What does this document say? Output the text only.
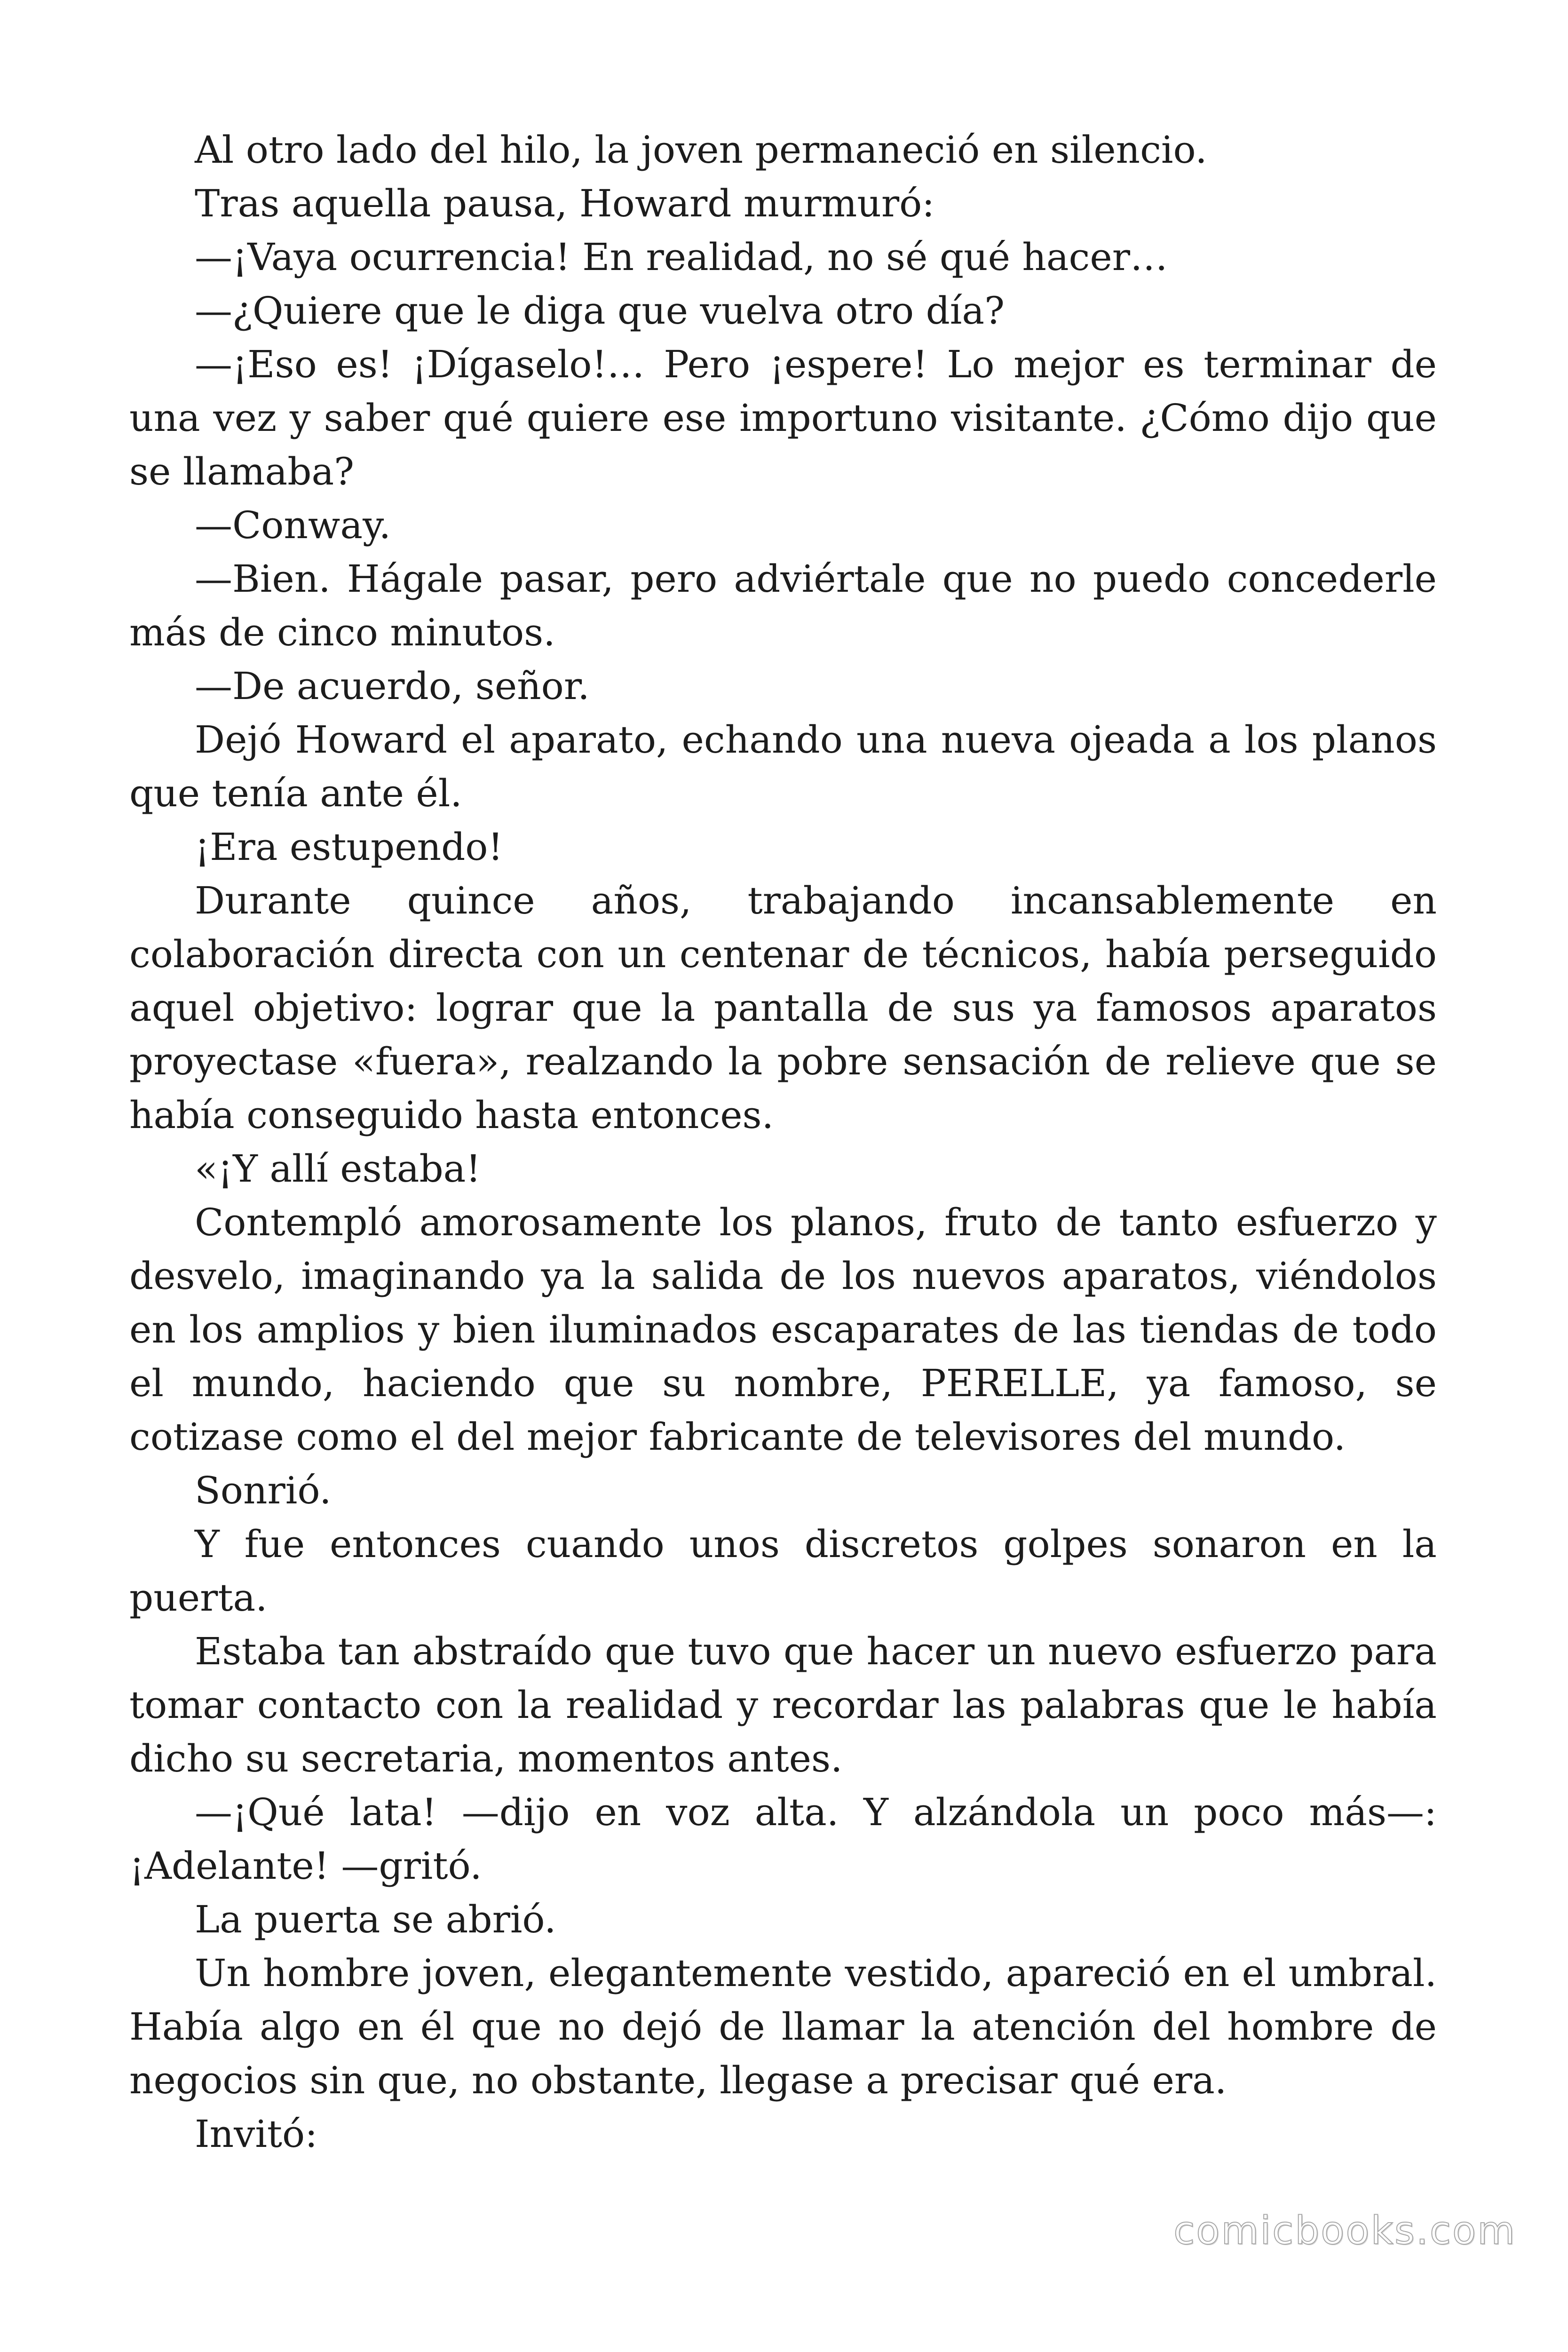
Al otro lado del hilo, la joven permaneció en silencio.

Tras aquella pausa, Howard murmuró:

—¡Vaya ocurrencia! En realidad, no sé qué hacer…

—¿Quiere que le diga que vuelva otro día?

—¡Eso es! ¡Dígaselo!… Pero ¡espere! Lo mejor es terminar de una vez y saber qué quiere ese importuno visitante. ¿Cómo dijo que se llamaba?

—Conway.

—Bien. Hágale pasar, pero adviértale que no puedo concederle más de cinco minutos.

—De acuerdo, señor.

Dejó Howard el aparato, echando una nueva ojeada a los planos que tenía ante él.

¡Era estupendo!

Durante quince años, trabajando incansablemente en colaboración directa con un centenar de técnicos, había perseguido aquel objetivo: lograr que la pantalla de sus ya famosos aparatos proyectase «fuera», realzando la pobre sensación de relieve que se había conseguido hasta entonces.

«¡Y allí estaba!

Contempló amorosamente los planos, fruto de tanto esfuerzo y desvelo, imaginando ya la salida de los nuevos aparatos, viéndolos en los amplios y bien iluminados escaparates de las tiendas de todo el mundo, haciendo que su nombre, PERELLE, ya famoso, se cotizase como el del mejor fabricante de televisores del mundo.

Sonrió.

Y fue entonces cuando unos discretos golpes sonaron en la puerta.

Estaba tan abstraído que tuvo que hacer un nuevo esfuerzo para tomar contacto con la realidad y recordar las palabras que le había dicho su secretaria, momentos antes.

—¡Qué lata! —dijo en voz alta. Y alzándola un poco más—: ¡Adelante! —gritó.

La puerta se abrió.

Un hombre joven, elegantemente vestido, apareció en el umbral. Había algo en él que no dejó de llamar la atención del hombre de negocios sin que, no obstante, llegase a precisar qué era.

Invitó:

comicbooks.com
